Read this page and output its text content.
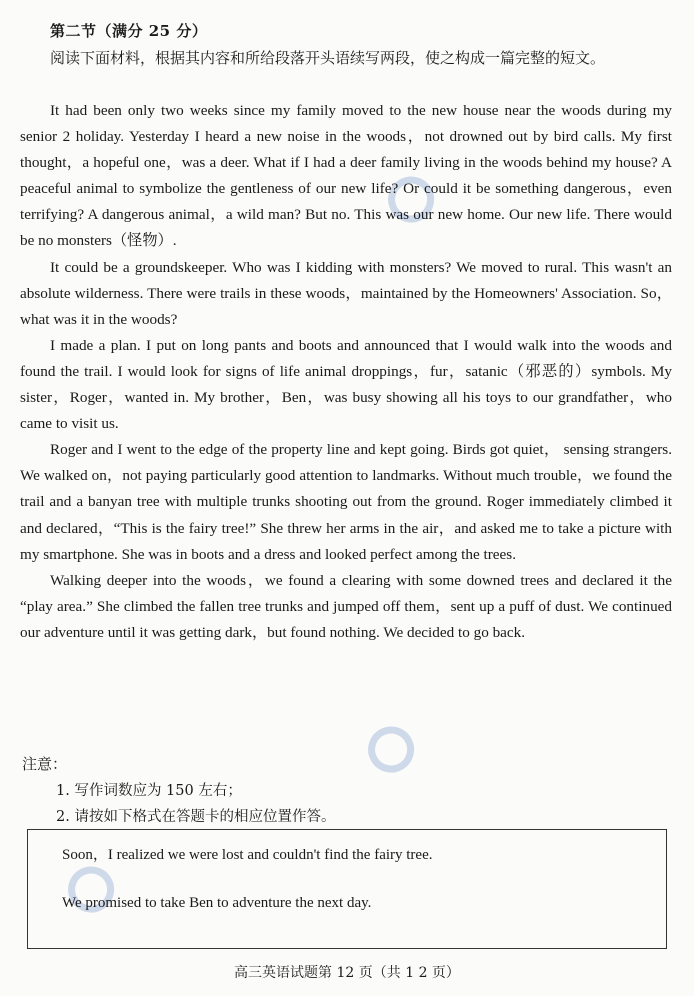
第二节（满分 25 分）
阅读下面材料，根据其内容和所给段落开头语续写两段，使之构成一篇完整的短文。

It had been only two weeks since my family moved to the new house near the woods during my senior 2 holiday. Yesterday I heard a new noise in the woods，not drowned out by bird calls. My first thought，a hopeful one，was a deer. What if I had a deer family living in the woods behind my house? A peaceful animal to symbolize the gentleness of our new life? Or could it be something dangerous，even terrifying? A dangerous animal，a wild man? But no. This was our new home. Our new life. There would be no monsters（怪物）.

It could be a groundskeeper. Who was I kidding with monsters? We moved to rural. This wasn't an absolute wilderness. There were trails in these woods，maintained by the Homeowners' Association. So，what was it in the woods?

I made a plan. I put on long pants and boots and announced that I would walk into the woods and found the trail. I would look for signs of life animal droppings，fur，satanic（邪恶的）symbols. My sister，Roger，wanted in. My brother，Ben，was busy showing all his toys to our grandfather，who came to visit us.

Roger and I went to the edge of the property line and kept going. Birds got quiet， sensing strangers. We walked on，not paying particularly good attention to landmarks. Without much trouble，we found the trail and a banyan tree with multiple trunks shooting out from the ground. Roger immediately climbed it and declared，“This is the fairy tree!” She threw her arms in the air，and asked me to take a picture with my smartphone. She was in boots and a dress and looked perfect among the trees.

Walking deeper into the woods，we found a clearing with some downed trees and declared it the “play area.” She climbed the fallen tree trunks and jumped off them，sent up a puff of dust. We continued our adventure until it was getting dark，but found nothing. We decided to go back.

注意：
1. 写作词数应为 150 左右；
2. 请按如下格式在答题卡的相应位置作答。
Soon，I realized we were lost and couldn't find the fairy tree.
We promised to take Ben to adventure the next day.
高三英语试题第 12 页（共 1 2 页）
